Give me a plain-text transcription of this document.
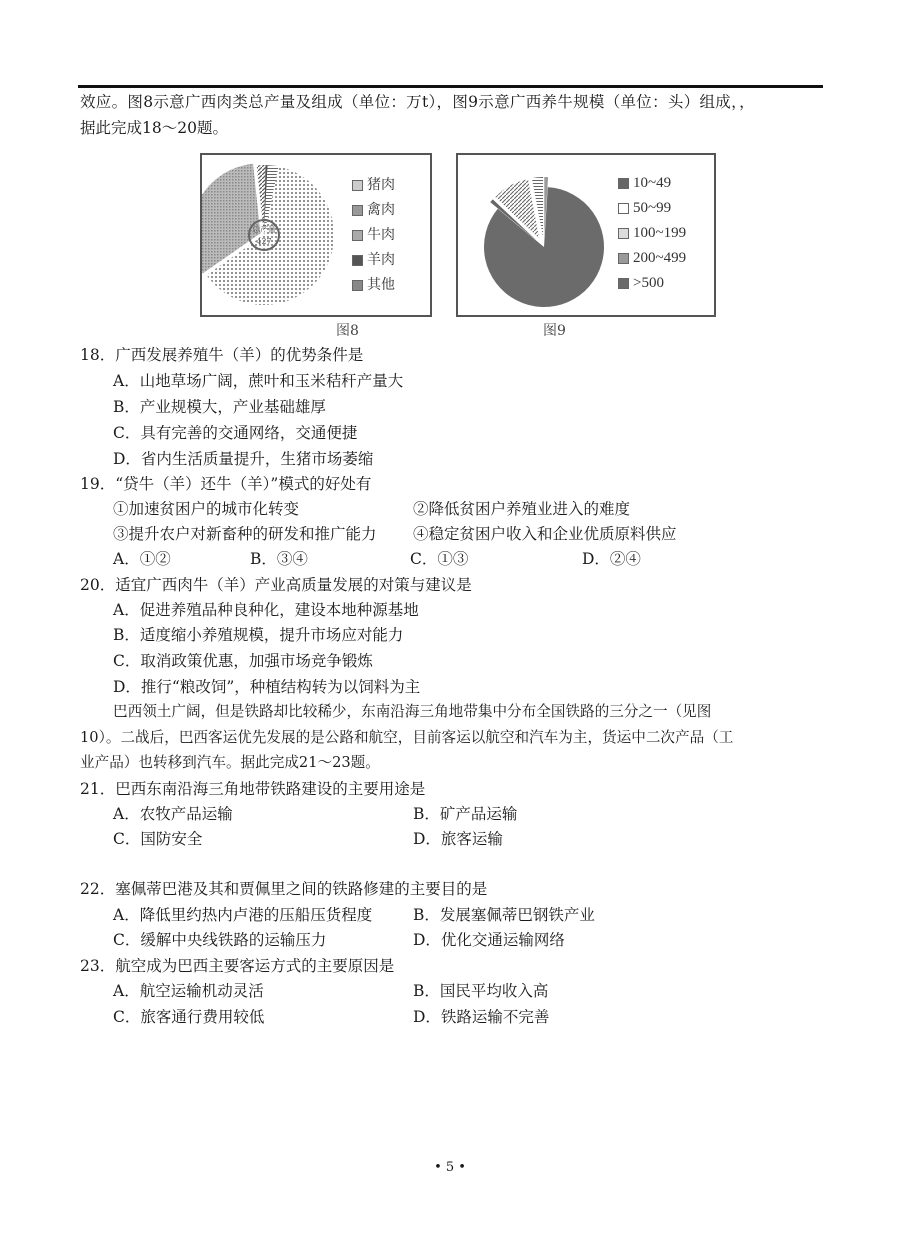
效应。图8示意广西肉类总产量及组成（单位：万t），图9示意广西养牛规模（单位：头）组成，，
据此完成18～20题。
总产量
427
猪肉
禽肉
牛肉
羊肉
其他
图8
10~49
50~99
100~199
200~499
>500
图9
18．广西发展养殖牛（羊）的优势条件是
A．山地草场广阔，蔗叶和玉米秸秆产量大
B．产业规模大，产业基础雄厚
C．具有完善的交通网络，交通便捷
D．省内生活质量提升，生猪市场萎缩
19．“贷牛（羊）还牛（羊）”模式的好处有
①加速贫困户的城市化转变	②降低贫困户养殖业进入的难度
③提升农户对新畜种的研发和推广能力 ④稳定贫困户收入和企业优质原料供应
A．①②	B．③④	C．①③	D．②④
20．适宜广西肉牛（羊）产业高质量发展的对策与建议是
A．促进养殖品种良种化，建设本地种源基地
B．适度缩小养殖规模，提升市场应对能力
C．取消政策优惠，加强市场竞争锻炼
D．推行“粮改饲”，种植结构转为以饲料为主
巴西领土广阔，但是铁路却比较稀少，东南沿海三角地带集中分布全国铁路的三分之一（见图
10）。二战后，巴西客运优先发展的是公路和航空，目前客运以航空和汽车为主，货运中二次产品（工
业产品）也转移到汽车。据此完成21～23题。
21．巴西东南沿海三角地带铁路建设的主要用途是
A．农牧产品运输	B．矿产品运输
C．国防安全	D．旅客运输
22．塞佩蒂巴港及其和贾佩里之间的铁路修建的主要目的是
A．降低里约热内卢港的压船压货程度	B．发展塞佩蒂巴钢铁产业
C．缓解中央线铁路的运输压力	D．优化交通运输网络
23．航空成为巴西主要客运方式的主要原因是
A．航空运输机动灵活	B．国民平均收入高
C．旅客通行费用较低	D．铁路运输不完善
• 5 •
